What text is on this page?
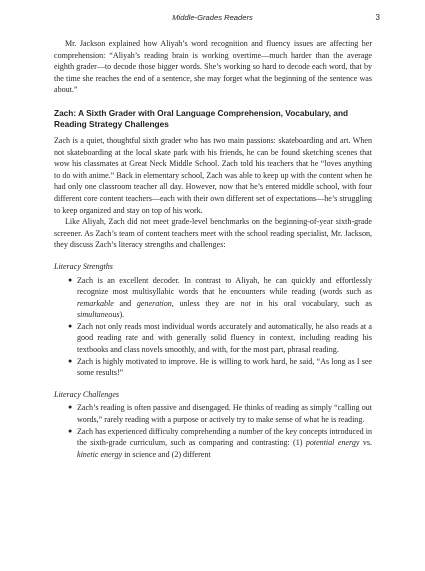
Middle-Grades Readers	3

Mr. Jackson explained how Aliyah’s word recognition and fluency issues are affecting her comprehension: “Aliyah’s reading brain is working overtime—much harder than the average eighth grader—to decode those bigger words. She’s working so hard to decode each word, that by the time she reaches the end of a sentence, she may forget what the beginning of the sentence was about.”

Zach: A Sixth Grader with Oral Language Comprehension, Vocabulary, and Reading Strategy Challenges

Zach is a quiet, thoughtful sixth grader who has two main passions: skateboarding and art. When not skateboarding at the local skate park with his friends, he can be found sketching scenes that wow his classmates at Great Neck Middle School. Zach told his teachers that he “loves anything to do with anime.” Back in elementary school, Zach was able to keep up with the content when he had only one classroom teacher all day. However, now that he’s entered middle school, with four different core content teachers—each with their own different set of expectations—he’s struggling to keep organized and stay on top of his work.

Like Aliyah, Zach did not meet grade-level benchmarks on the beginning-of-year sixth-grade screener. As Zach’s team of content teachers meet with the school reading specialist, Mr. Jackson, they discuss Zach’s literacy strengths and challenges:

Literacy Strengths

● Zach is an excellent decoder. In contrast to Aliyah, he can quickly and effortlessly recognize most multisyllabic words that he encounters while reading (words such as remarkable and generation, unless they are not in his oral vocabulary, such as simultaneous).
● Zach not only reads most individual words accurately and automatically, he also reads at a good reading rate and with generally solid fluency in context, including reading his textbooks and class novels smoothly, and with, for the most part, phrasal reading.
● Zach is highly motivated to improve. He is willing to work hard, he said, “As long as I see some results!”

Literacy Challenges

● Zach’s reading is often passive and disengaged. He thinks of reading as simply “calling out words,” rarely reading with a purpose or actively try to make sense of what he is reading.
● Zach has experienced difficulty comprehending a number of the key concepts introduced in the sixth-grade curriculum, such as comparing and contrasting: (1) potential energy vs. kinetic energy in science and (2) different
